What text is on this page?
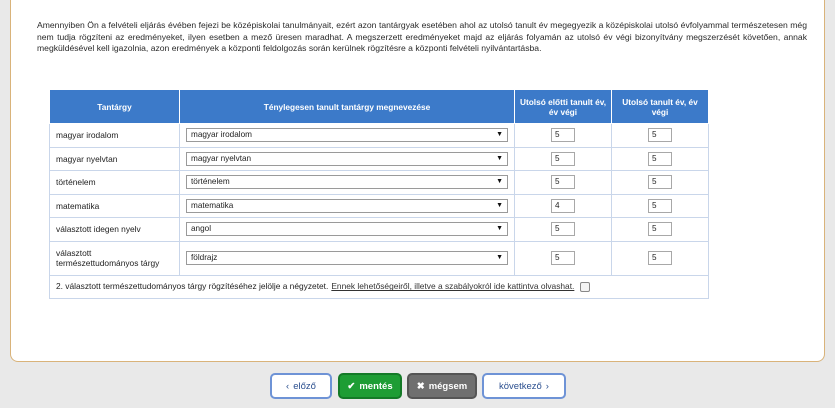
Amennyiben Ön a felvételi eljárás évében fejezi be középiskolai tanulmányait, ezért azon tantárgyak esetében ahol az utolsó tanult év megegyezik a középiskolai utolsó évfolyammal természetesen még nem tudja rögzíteni az eredményeket, ilyen esetben a mező üresen maradhat. A megszerzett eredményeket majd az eljárás folyamán az utolsó év végi bizonyítvány megszerzését követően, annak megküldésével kell igazolnia, azon eredmények a központi feldolgozás során kerülnek rögzítésre a központi felvételi nyilvántartásba.
Tantárgy	Ténylegesen tanult tantárgy megnevezése	Utolsó előtti tanult év, év végi	Utolsó tanult év, év végi
magyar irodalom	magyar irodalom ▼	5	5
magyar nyelvtan	magyar nyelvtan ▼	5	5
történelem	történelem ▼	5	5
matematika	matematika ▼	4	5
választott idegen nyelv	angol ▼	5	5
választott természettudományos tárgy	földrajz ▼	5	5
2. választott természettudományos tárgy rögzítéséhez jelölje a négyzetet. Ennek lehetőségeiről, illetve a szabályokról ide kattintva olvashat.			
‹ előző	✔ mentés	✖ mégsem	következő ›
